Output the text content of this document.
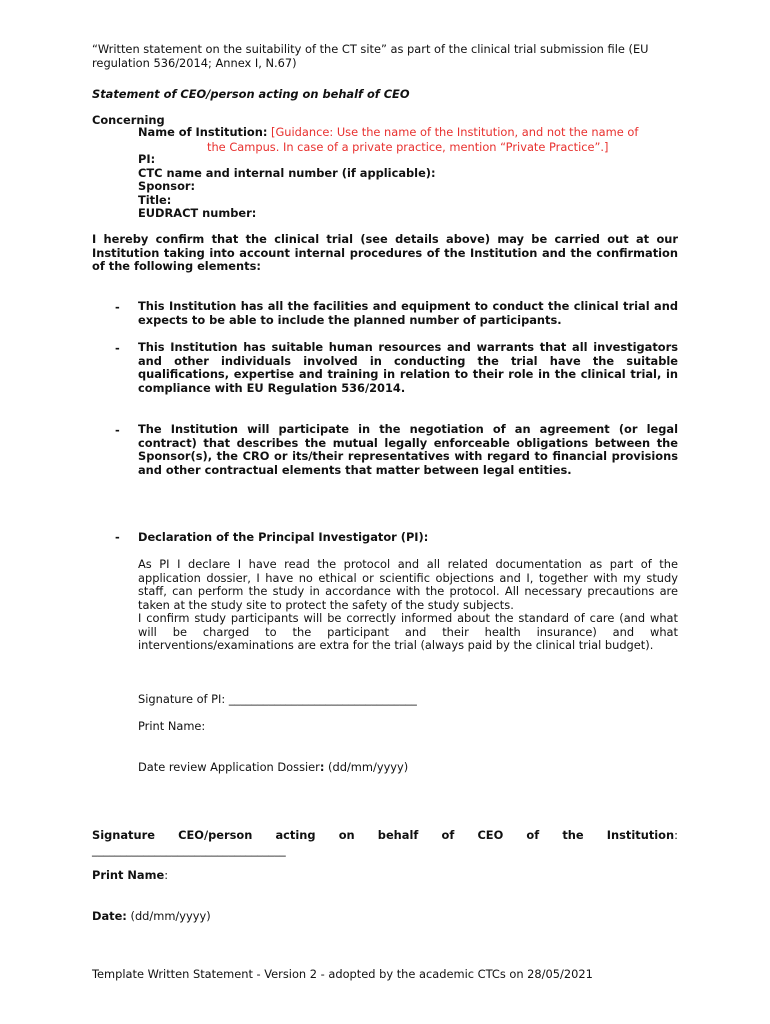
“Written statement on the suitability of the CT site” as part of the clinical trial submission file (EU
regulation 536/2014; Annex I, N.67)
Statement of CEO/person acting on behalf of CEO
Concerning
Name of Institution: [Guidance: Use the name of the Institution, and not the name of
the Campus. In case of a private practice, mention “Private Practice”.]
PI:
CTC name and internal number (if applicable):
Sponsor:
Title:
EUDRACT number:
I hereby confirm that the clinical trial (see details above) may be carried out at our Institution taking into account internal procedures of the Institution and the confirmation of the following elements:
- This Institution has all the facilities and equipment to conduct the clinical trial and expects to be able to include the planned number of participants.
- This Institution has suitable human resources and warrants that all investigators and other individuals involved in conducting the trial have the suitable qualifications, expertise and training in relation to their role in the clinical trial, in compliance with EU Regulation 536/2014.
- The Institution will participate in the negotiation of an agreement (or legal contract) that describes the mutual legally enforceable obligations between the Sponsor(s), the CRO or its/their representatives with regard to financial provisions and other contractual elements that matter between legal entities.
- Declaration of the Principal Investigator (PI):
As PI I declare I have read the protocol and all related documentation as part of the application dossier, I have no ethical or scientific objections and I, together with my study staff, can perform the study in accordance with the protocol. All necessary precautions are taken at the study site to protect the safety of the study subjects.
I confirm study participants will be correctly informed about the standard of care (and what will be charged to the participant and their health insurance) and what interventions/examinations are extra for the trial (always paid by the clinical trial budget).
Signature of PI: _________________________________
Print Name:
Date review Application Dossier: (dd/mm/yyyy)
Signature CEO/person acting on behalf of CEO of the Institution:
__________________________________
Print Name:
Date: (dd/mm/yyyy)
Template Written Statement - Version 2 - adopted by the academic CTCs on 28/05/2021
